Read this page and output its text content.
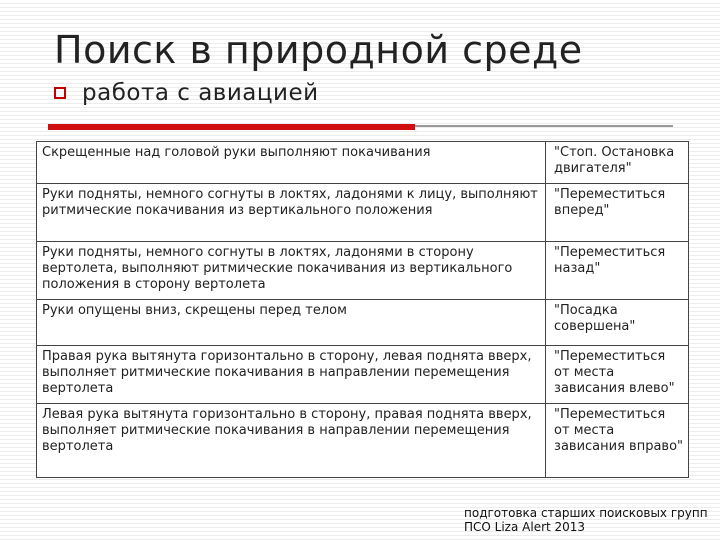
Поиск в природной среде
работа с авиацией
Скрещенные над головой руки выполняют покачивания	"Стоп. Остановка двигателя"
Руки подняты, немного согнуты в локтях, ладонями к лицу, выполняют ритмические покачивания из вертикального положения	"Переместиться вперед"
Руки подняты, немного согнуты в локтях, ладонями в сторону вертолета, выполняют ритмические покачивания из вертикального положения в сторону вертолета	"Переместиться назад"
Руки опущены вниз, скрещены перед телом	"Посадка совершена"
Правая рука вытянута горизонтально в сторону, левая поднята вверх, выполняет ритмические покачивания в направлении перемещения вертолета	"Переместиться от места зависания влево"
Левая рука вытянута горизонтально в сторону, правая поднята вверх, выполняет ритмические покачивания в направлении перемещения вертолета	"Переместиться от места зависания вправо"
подготовка старших поисковых групп
ПСО Liza Alert 2013
